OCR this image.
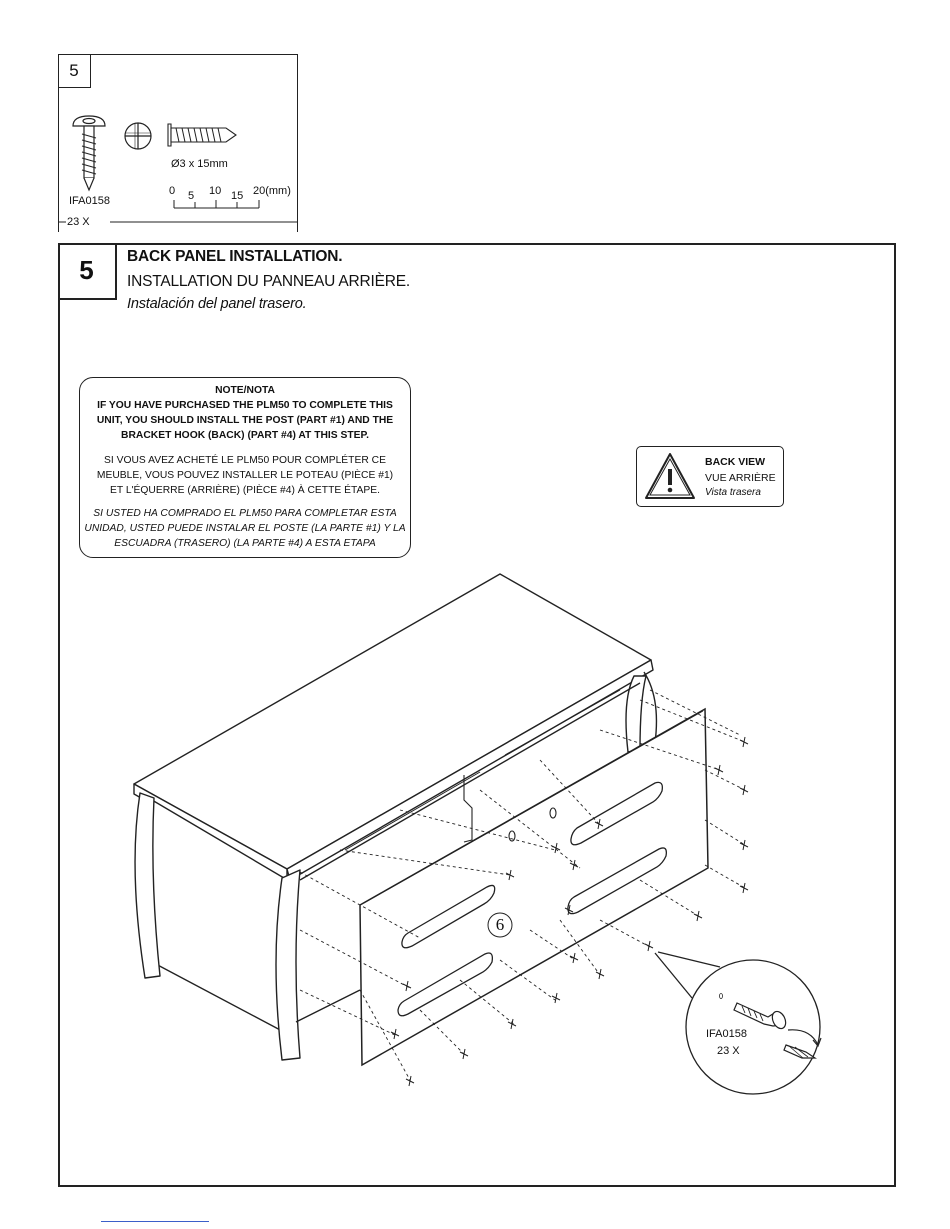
5
Ø3 x 15mm
IFA0158
23 X
0 5 10 15 20(mm)
5	BACK PANEL INSTALLATION.
INSTALLATION DU PANNEAU ARRIÈRE.
Instalación del panel trasero.
NOTE/NOTA
IF YOU HAVE PURCHASED THE PLM50 TO COMPLETE THIS
UNIT, YOU SHOULD INSTALL THE POST (PART #1) AND THE
BRACKET HOOK (BACK) (PART #4) AT THIS STEP.
SI VOUS AVEZ ACHETÉ LE PLM50 POUR COMPLÉTER CE
MEUBLE, VOUS POUVEZ INSTALLER LE POTEAU (PIÈCE #1)
ET L'ÉQUERRE (ARRIÈRE) (PIÈCE #4) À CETTE ÉTAPE.
SI USTED HA COMPRADO EL PLM50 PARA COMPLETAR ESTA
UNIDAD, USTED PUEDE INSTALAR EL POSTE (LA PARTE #1) Y LA
ESCUADRA (TRASERO) (LA PARTE #4) A ESTA ETAPA
BACK VIEW
VUE ARRIÈRE
Vista trasera
6
IFA0158
23 X
